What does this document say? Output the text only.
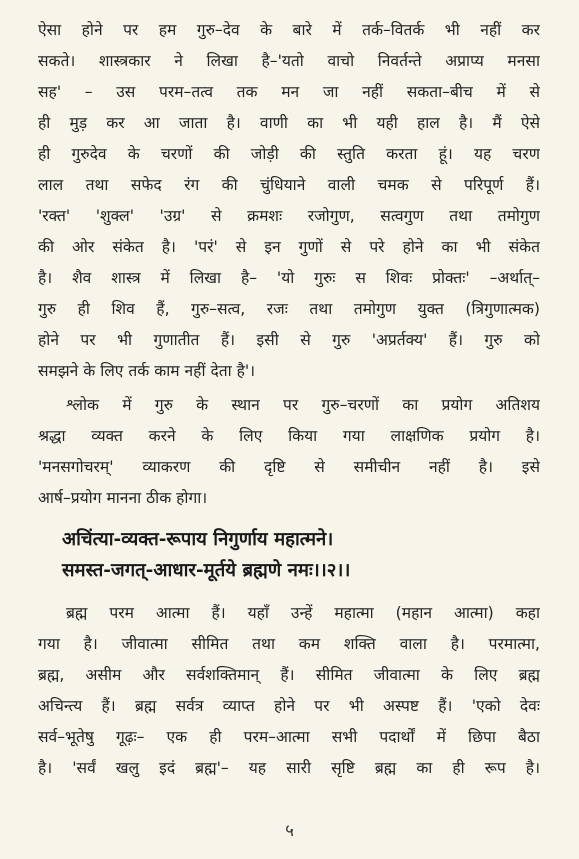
ऐसा होने पर हम गुरु–देव के बारे में तर्क–वितर्क भी नहीं कर
सकते। शास्त्रकार ने लिखा है–'यतो वाचो निवर्तन्ते अप्राप्य मनसा
सह' – उस परम–तत्व तक मन जा नहीं सकता–बीच में से
ही मुड़ कर आ जाता है। वाणी का भी यही हाल है। मैं ऐसे
ही गुरुदेव के चरणों की जोड़ी की स्तुति करता हूं। यह चरण
लाल तथा सफेद रंग की चुंधियाने वाली चमक से परिपूर्ण हैं।
'रक्त' 'शुक्ल' 'उग्र' से क्रमशः रजोगुण, सत्वगुण तथा तमोगुण
की ओर संकेत है। 'परं' से इन गुणों से परे होने का भी संकेत
है। शैव शास्त्र में लिखा है– 'यो गुरुः स शिवः प्रोक्तः' –अर्थात्–
गुरु ही शिव हैं, गुरु–सत्व, रजः तथा तमोगुण युक्त (त्रिगुणात्मक)
होने पर भी गुणातीत हैं। इसी से गुरु 'अप्रर्तक्य' हैं। गुरु को
समझने के लिए तर्क काम नहीं देता है'।
श्लोक में गुरु के स्थान पर गुरु–चरणों का प्रयोग अतिशय
श्रद्धा व्यक्त करने के लिए किया गया लाक्षणिक प्रयोग है।
'मनसगोचरम्' व्याकरण की दृष्टि से समीचीन नहीं है। इसे
आर्ष–प्रयोग मानना ठीक होगा।
अचिंत्या-व्यक्त-रूपाय निगुर्णाय महात्मने।
समस्त-जगत्-आधार-मूर्तये ब्रह्मणे नमः।।२।।
ब्रह्म परम आत्मा हैं। यहाँ उन्हें महात्मा (महान आत्मा) कहा
गया है। जीवात्मा सीमित तथा कम शक्ति वाला है। परमात्मा,
ब्रह्म, असीम और सर्वशक्तिमान् हैं। सीमित जीवात्मा के लिए ब्रह्म
अचिन्त्य हैं। ब्रह्म सर्वत्र व्याप्त होने पर भी अस्पष्ट हैं। 'एको देवः
सर्व–भूतेषु गूढ़ः– एक ही परम–आत्मा सभी पदार्थों में छिपा बैठा
है। 'सर्वं खलु इदं ब्रह्म'– यह सारी सृष्टि ब्रह्म का ही रूप है।
५
